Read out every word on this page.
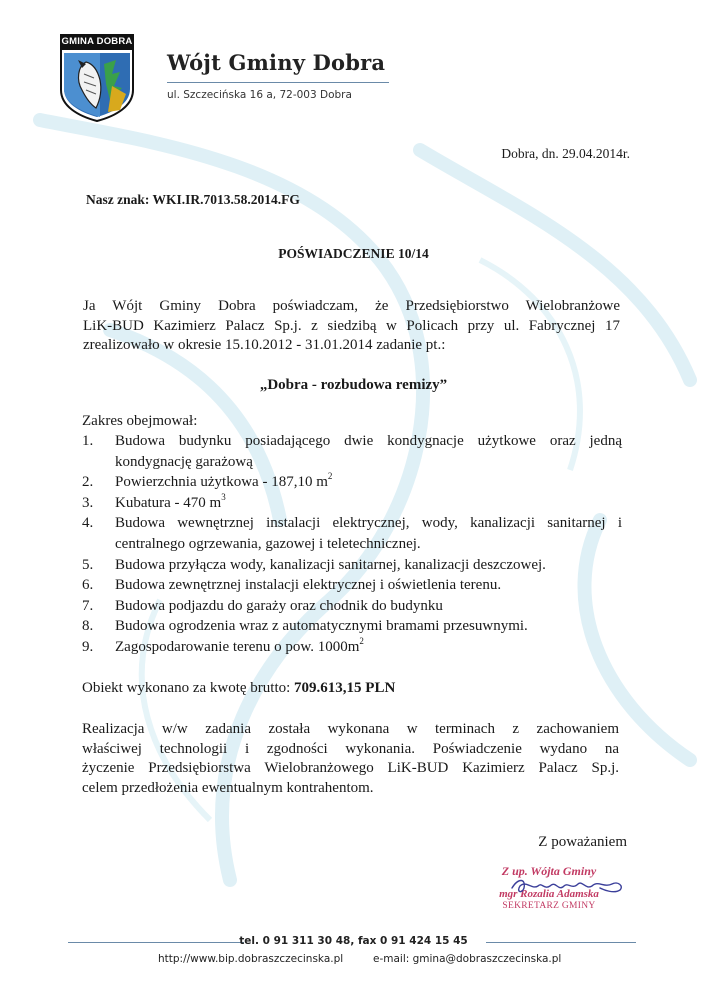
GMINA DOBRA
Wójt Gminy Dobra
ul. Szczecińska 16 a, 72-003 Dobra
Dobra, dn. 29.04.2014r.
Nasz znak: WKI.IR.7013.58.2014.FG
POŚWIADCZENIE 10/14
Ja Wójt Gminy Dobra poświadczam, że Przedsiębiorstwo Wielobranżowe
LiK-BUD Kazimierz Palacz Sp.j. z siedzibą w Policach przy ul. Fabrycznej 17
zrealizowało w okresie 15.10.2012 - 31.01.2014 zadanie pt.:
„Dobra - rozbudowa remizy”
Zakres obejmował:
1. Budowa budynku posiadającego dwie kondygnacje użytkowe oraz jedną kondygnację garażową
2. Powierzchnia użytkowa - 187,10 $m^2$
3. Kubatura - 470 $m^3$
4. Budowa wewnętrznej instalacji elektrycznej, wody, kanalizacji sanitarnej i centralnego ogrzewania, gazowej i teletechnicznej.
5. Budowa przyłącza wody, kanalizacji sanitarnej, kanalizacji deszczowej.
6. Budowa zewnętrznej instalacji elektrycznej i oświetlenia terenu.
7. Budowa podjazdu do garaży oraz chodnik do budynku
8. Budowa ogrodzenia wraz z automatycznymi bramami przesuwnymi.
9. Zagospodarowanie terenu o pow. $1000m^2$
Obiekt wykonano za kwotę brutto: 709.613,15 PLN
Realizacja w/w zadania została wykonana w terminach z zachowaniem
właściwej technologii i zgodności wykonania. Poświadczenie wydano na
życzenie Przedsiębiorstwa Wielobranżowego LiK-BUD Kazimierz Palacz Sp.j.
celem przedłożenia ewentualnym kontrahentom.
Z poważaniem
Z up. Wójta Gminy
mgr Rozalia Adamska
SEKRETARZ GMINY
tel. 0 91 311 30 48, fax 0 91 424 15 45
http://www.bip.dobraszczecinska.pl	e-mail: gmina@dobraszczecinska.pl
